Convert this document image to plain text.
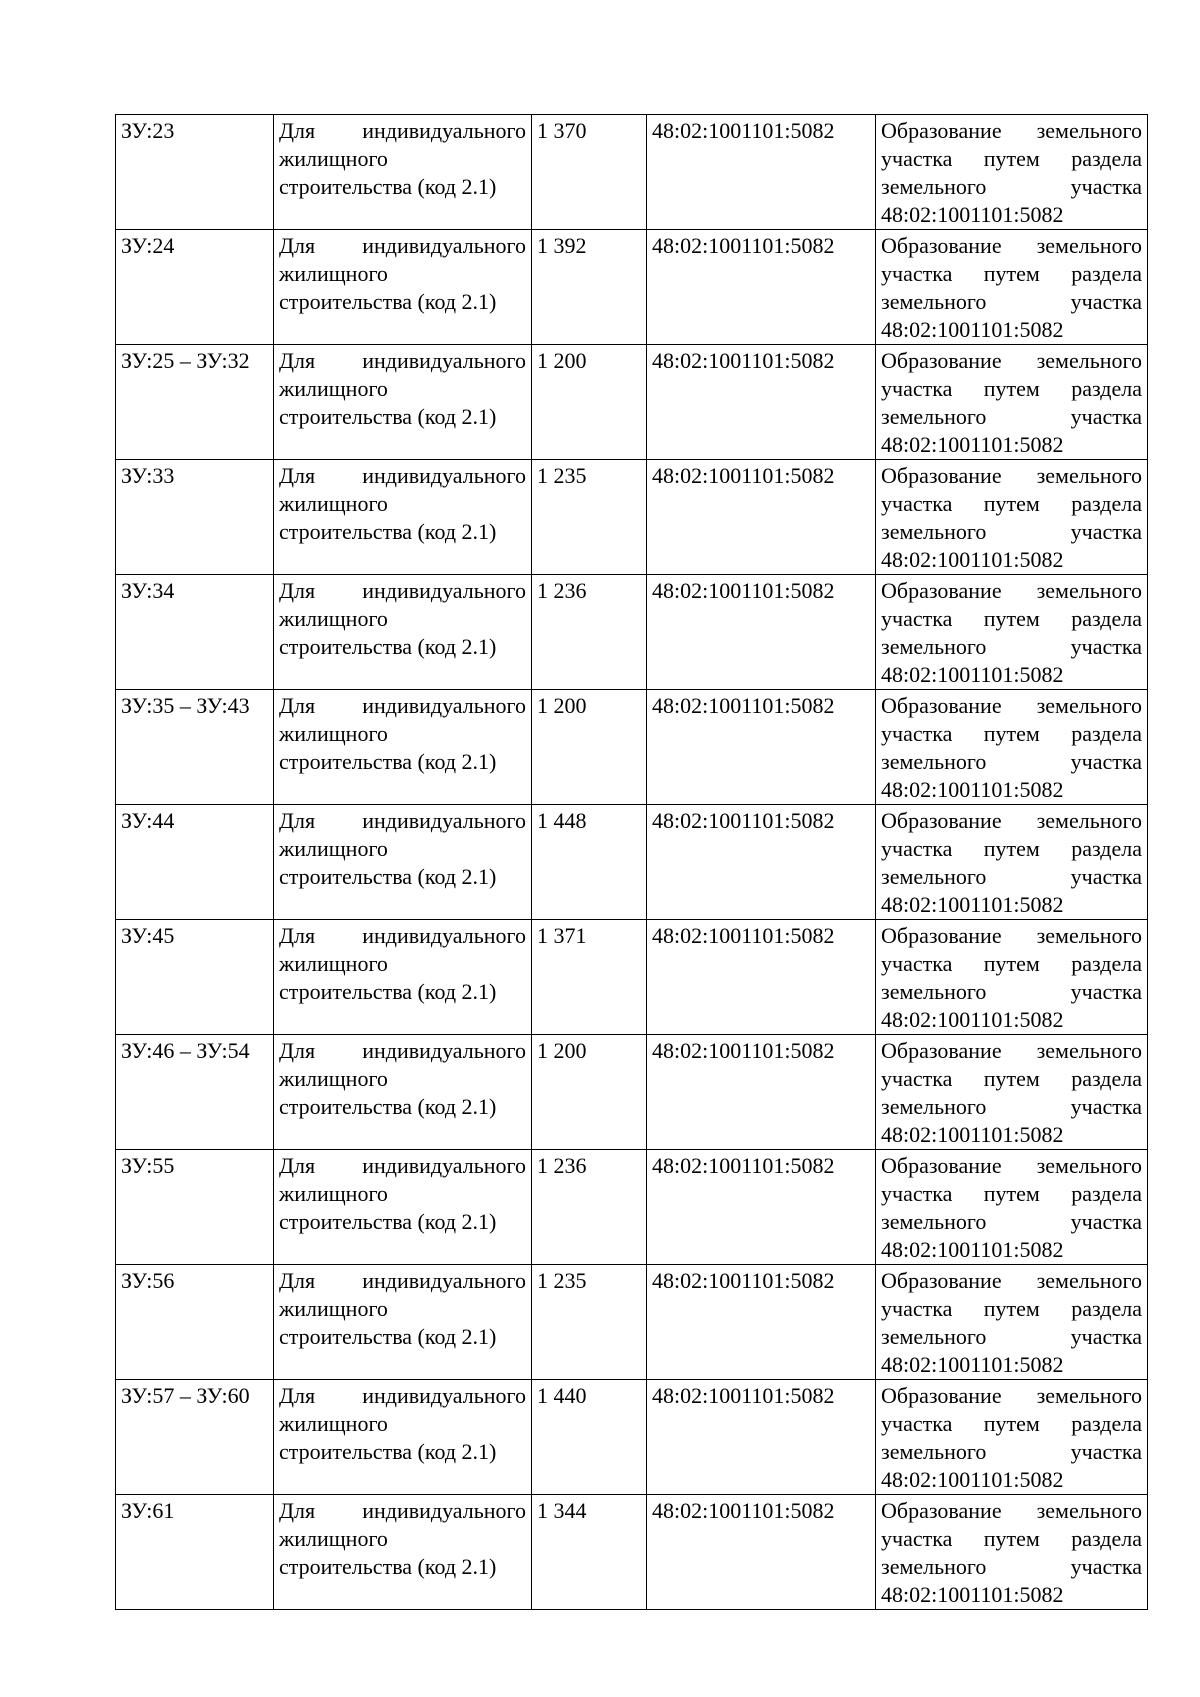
ЗУ:23	Для индивидуального
жилищного
строительства (код 2.1)	1 370	48:02:1001101:5082	Образование земельного
участка путем раздела
земельного участка
48:02:1001101:5082

ЗУ:24	Для индивидуального
жилищного
строительства (код 2.1)	1 392	48:02:1001101:5082	Образование земельного
участка путем раздела
земельного участка
48:02:1001101:5082

ЗУ:25 – ЗУ:32	Для индивидуального
жилищного
строительства (код 2.1)	1 200	48:02:1001101:5082	Образование земельного
участка путем раздела
земельного участка
48:02:1001101:5082

ЗУ:33	Для индивидуального
жилищного
строительства (код 2.1)	1 235	48:02:1001101:5082	Образование земельного
участка путем раздела
земельного участка
48:02:1001101:5082

ЗУ:34	Для индивидуального
жилищного
строительства (код 2.1)	1 236	48:02:1001101:5082	Образование земельного
участка путем раздела
земельного участка
48:02:1001101:5082

ЗУ:35 – ЗУ:43	Для индивидуального
жилищного
строительства (код 2.1)	1 200	48:02:1001101:5082	Образование земельного
участка путем раздела
земельного участка
48:02:1001101:5082

ЗУ:44	Для индивидуального
жилищного
строительства (код 2.1)	1 448	48:02:1001101:5082	Образование земельного
участка путем раздела
земельного участка
48:02:1001101:5082

ЗУ:45	Для индивидуального
жилищного
строительства (код 2.1)	1 371	48:02:1001101:5082	Образование земельного
участка путем раздела
земельного участка
48:02:1001101:5082

ЗУ:46 – ЗУ:54	Для индивидуального
жилищного
строительства (код 2.1)	1 200	48:02:1001101:5082	Образование земельного
участка путем раздела
земельного участка
48:02:1001101:5082

ЗУ:55	Для индивидуального
жилищного
строительства (код 2.1)	1 236	48:02:1001101:5082	Образование земельного
участка путем раздела
земельного участка
48:02:1001101:5082

ЗУ:56	Для индивидуального
жилищного
строительства (код 2.1)	1 235	48:02:1001101:5082	Образование земельного
участка путем раздела
земельного участка
48:02:1001101:5082

ЗУ:57 – ЗУ:60	Для индивидуального
жилищного
строительства (код 2.1)	1 440	48:02:1001101:5082	Образование земельного
участка путем раздела
земельного участка
48:02:1001101:5082

ЗУ:61	Для индивидуального
жилищного
строительства (код 2.1)	1 344	48:02:1001101:5082	Образование земельного
участка путем раздела
земельного участка
48:02:1001101:5082
